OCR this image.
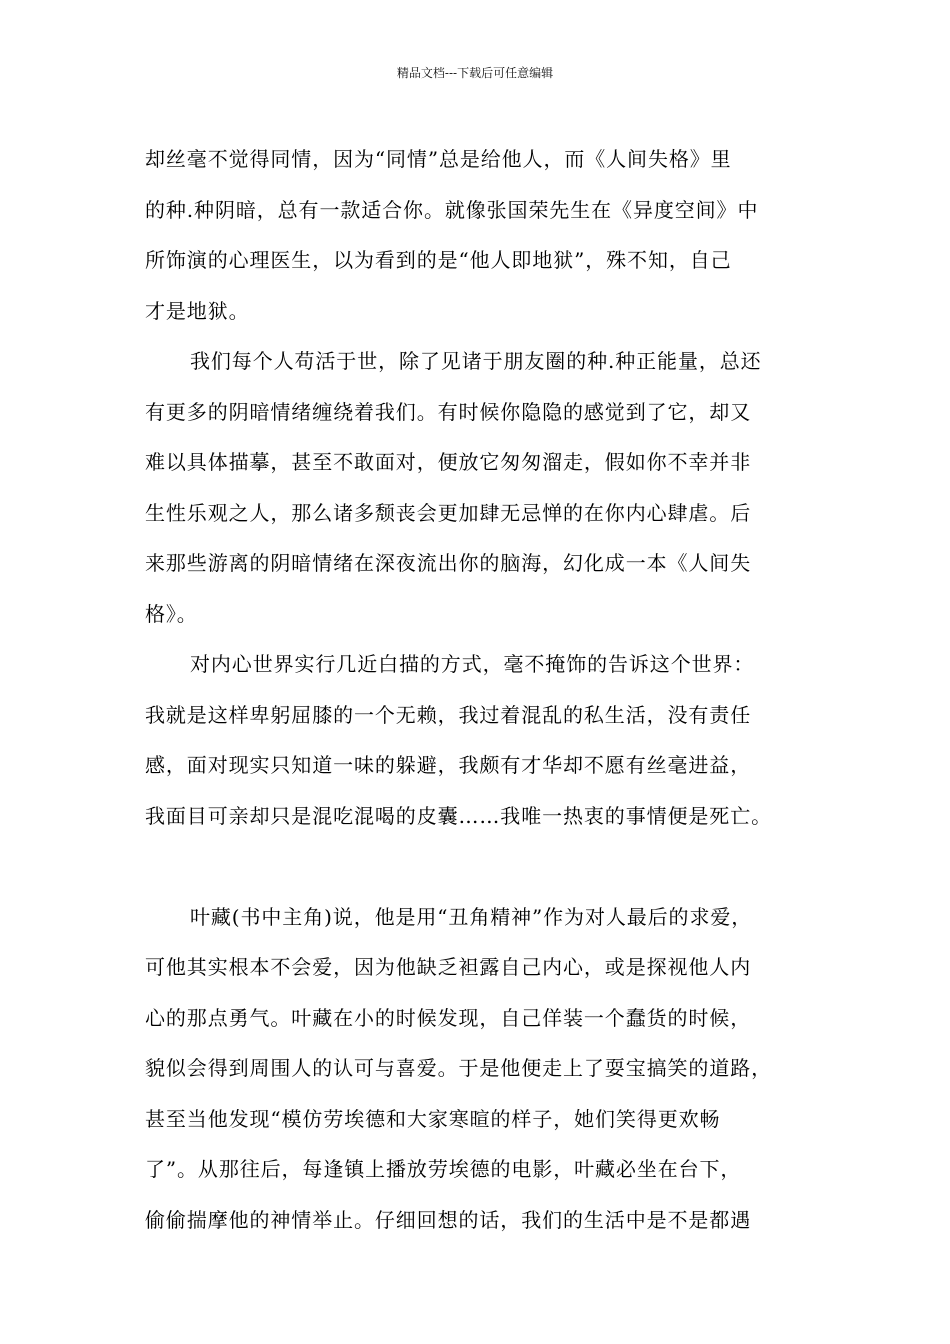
精品文档---下载后可任意编辑
却丝毫不觉得同情，因为“同情”总是给他人，而《人间失格》里
的种.种阴暗，总有一款适合你。就像张国荣先生在《异度空间》中
所饰演的心理医生，以为看到的是“他人即地狱”，殊不知，自己
才是地狱。
我们每个人苟活于世，除了见诸于朋友圈的种.种正能量，总还
有更多的阴暗情绪缠绕着我们。有时候你隐隐的感觉到了它，却又
难以具体描摹，甚至不敢面对，便放它匆匆溜走，假如你不幸并非
生性乐观之人，那么诸多颓丧会更加肆无忌惮的在你内心肆虐。后
来那些游离的阴暗情绪在深夜流出你的脑海，幻化成一本《人间失
格》。
对内心世界实行几近白描的方式，毫不掩饰的告诉这个世界：
我就是这样卑躬屈膝的一个无赖，我过着混乱的私生活，没有责任
感，面对现实只知道一味的躲避，我颇有才华却不愿有丝毫进益，
我面目可亲却只是混吃混喝的皮囊……我唯一热衷的事情便是死亡。
叶藏(书中主角)说，他是用“丑角精神”作为对人最后的求爱，
可他其实根本不会爱，因为他缺乏袒露自己内心，或是探视他人内
心的那点勇气。叶藏在小的时候发现，自己佯装一个蠢货的时候，
貌似会得到周围人的认可与喜爱。于是他便走上了耍宝搞笑的道路，
甚至当他发现“模仿劳埃德和大家寒暄的样子，她们笑得更欢畅
了”。从那往后，每逢镇上播放劳埃德的电影，叶藏必坐在台下，
偷偷揣摩他的神情举止。仔细回想的话，我们的生活中是不是都遇
